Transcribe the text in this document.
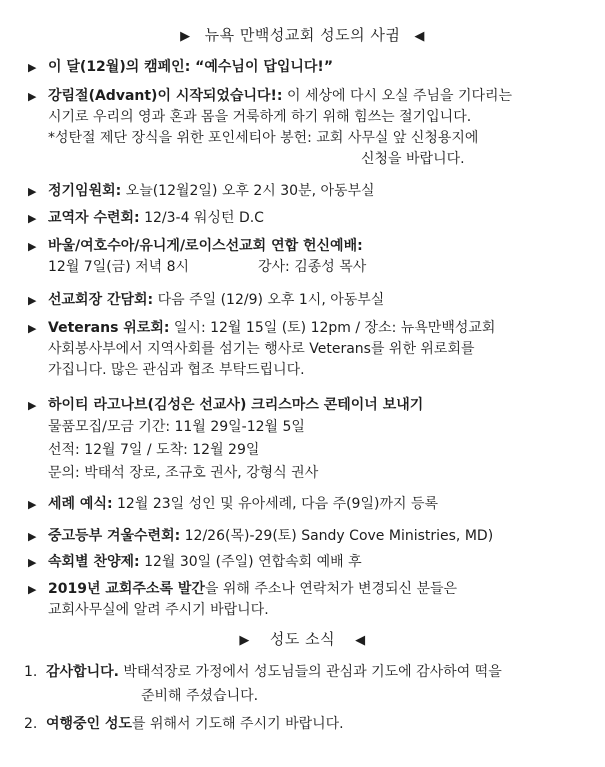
▶ 뉴욕 만백성교회 성도의 사귐 ◀
▶ 이 달(12월)의 캠페인: “예수님이 답입니다!”
▶ 강림절(Advant)이 시작되었습니다!: 이 세상에 다시 오실 주님을 기다리는
시기로 우리의 영과 혼과 몸을 거룩하게 하기 위해 힘쓰는 절기입니다.
*성탄절 제단 장식을 위한 포인세티아 봉헌: 교회 사무실 앞 신청용지에
신청을 바랍니다.
▶ 정기임원회: 오늘(12월2일) 오후 2시 30분, 아동부실
▶ 교역자 수련회: 12/3-4 워싱턴 D.C
▶ 바울/여호수아/유니게/로이스선교회 연합 헌신예배:
12월 7일(금) 저녁 8시	강사: 김종성 목사
▶ 선교회장 간담회: 다음 주일 (12/9) 오후 1시, 아동부실
▶ Veterans 위로회: 일시: 12월 15일 (토) 12pm / 장소: 뉴욕만백성교회
사회봉사부에서 지역사회를 섬기는 행사로 Veterans를 위한 위로회를
가집니다. 많은 관심과 협조 부탁드립니다.
▶ 하이티 라고나브(김성은 선교사) 크리스마스 콘테이너 보내기
물품모집/모금 기간: 11월 29일-12월 5일
선적: 12월 7일 / 도착: 12월 29일
문의: 박태석 장로, 조규호 권사, 강형식 권사
▶ 세례 예식: 12월 23일 성인 및 유아세례, 다음 주(9일)까지 등록
▶ 중고등부 겨울수련회: 12/26(목)-29(토) Sandy Cove Ministries, MD)
▶ 속회별 찬양제: 12월 30일 (주일) 연합속회 예배 후
▶ 2019년 교회주소록 발간을 위해 주소나 연락처가 변경되신 분들은
교회사무실에 알려 주시기 바랍니다.
▶ 성도 소식 ◀
1. 감사합니다. 박태석장로 가정에서 성도님들의 관심과 기도에 감사하여 떡을
준비해 주셨습니다.
2. 여행중인 성도를 위해서 기도해 주시기 바랍니다.
